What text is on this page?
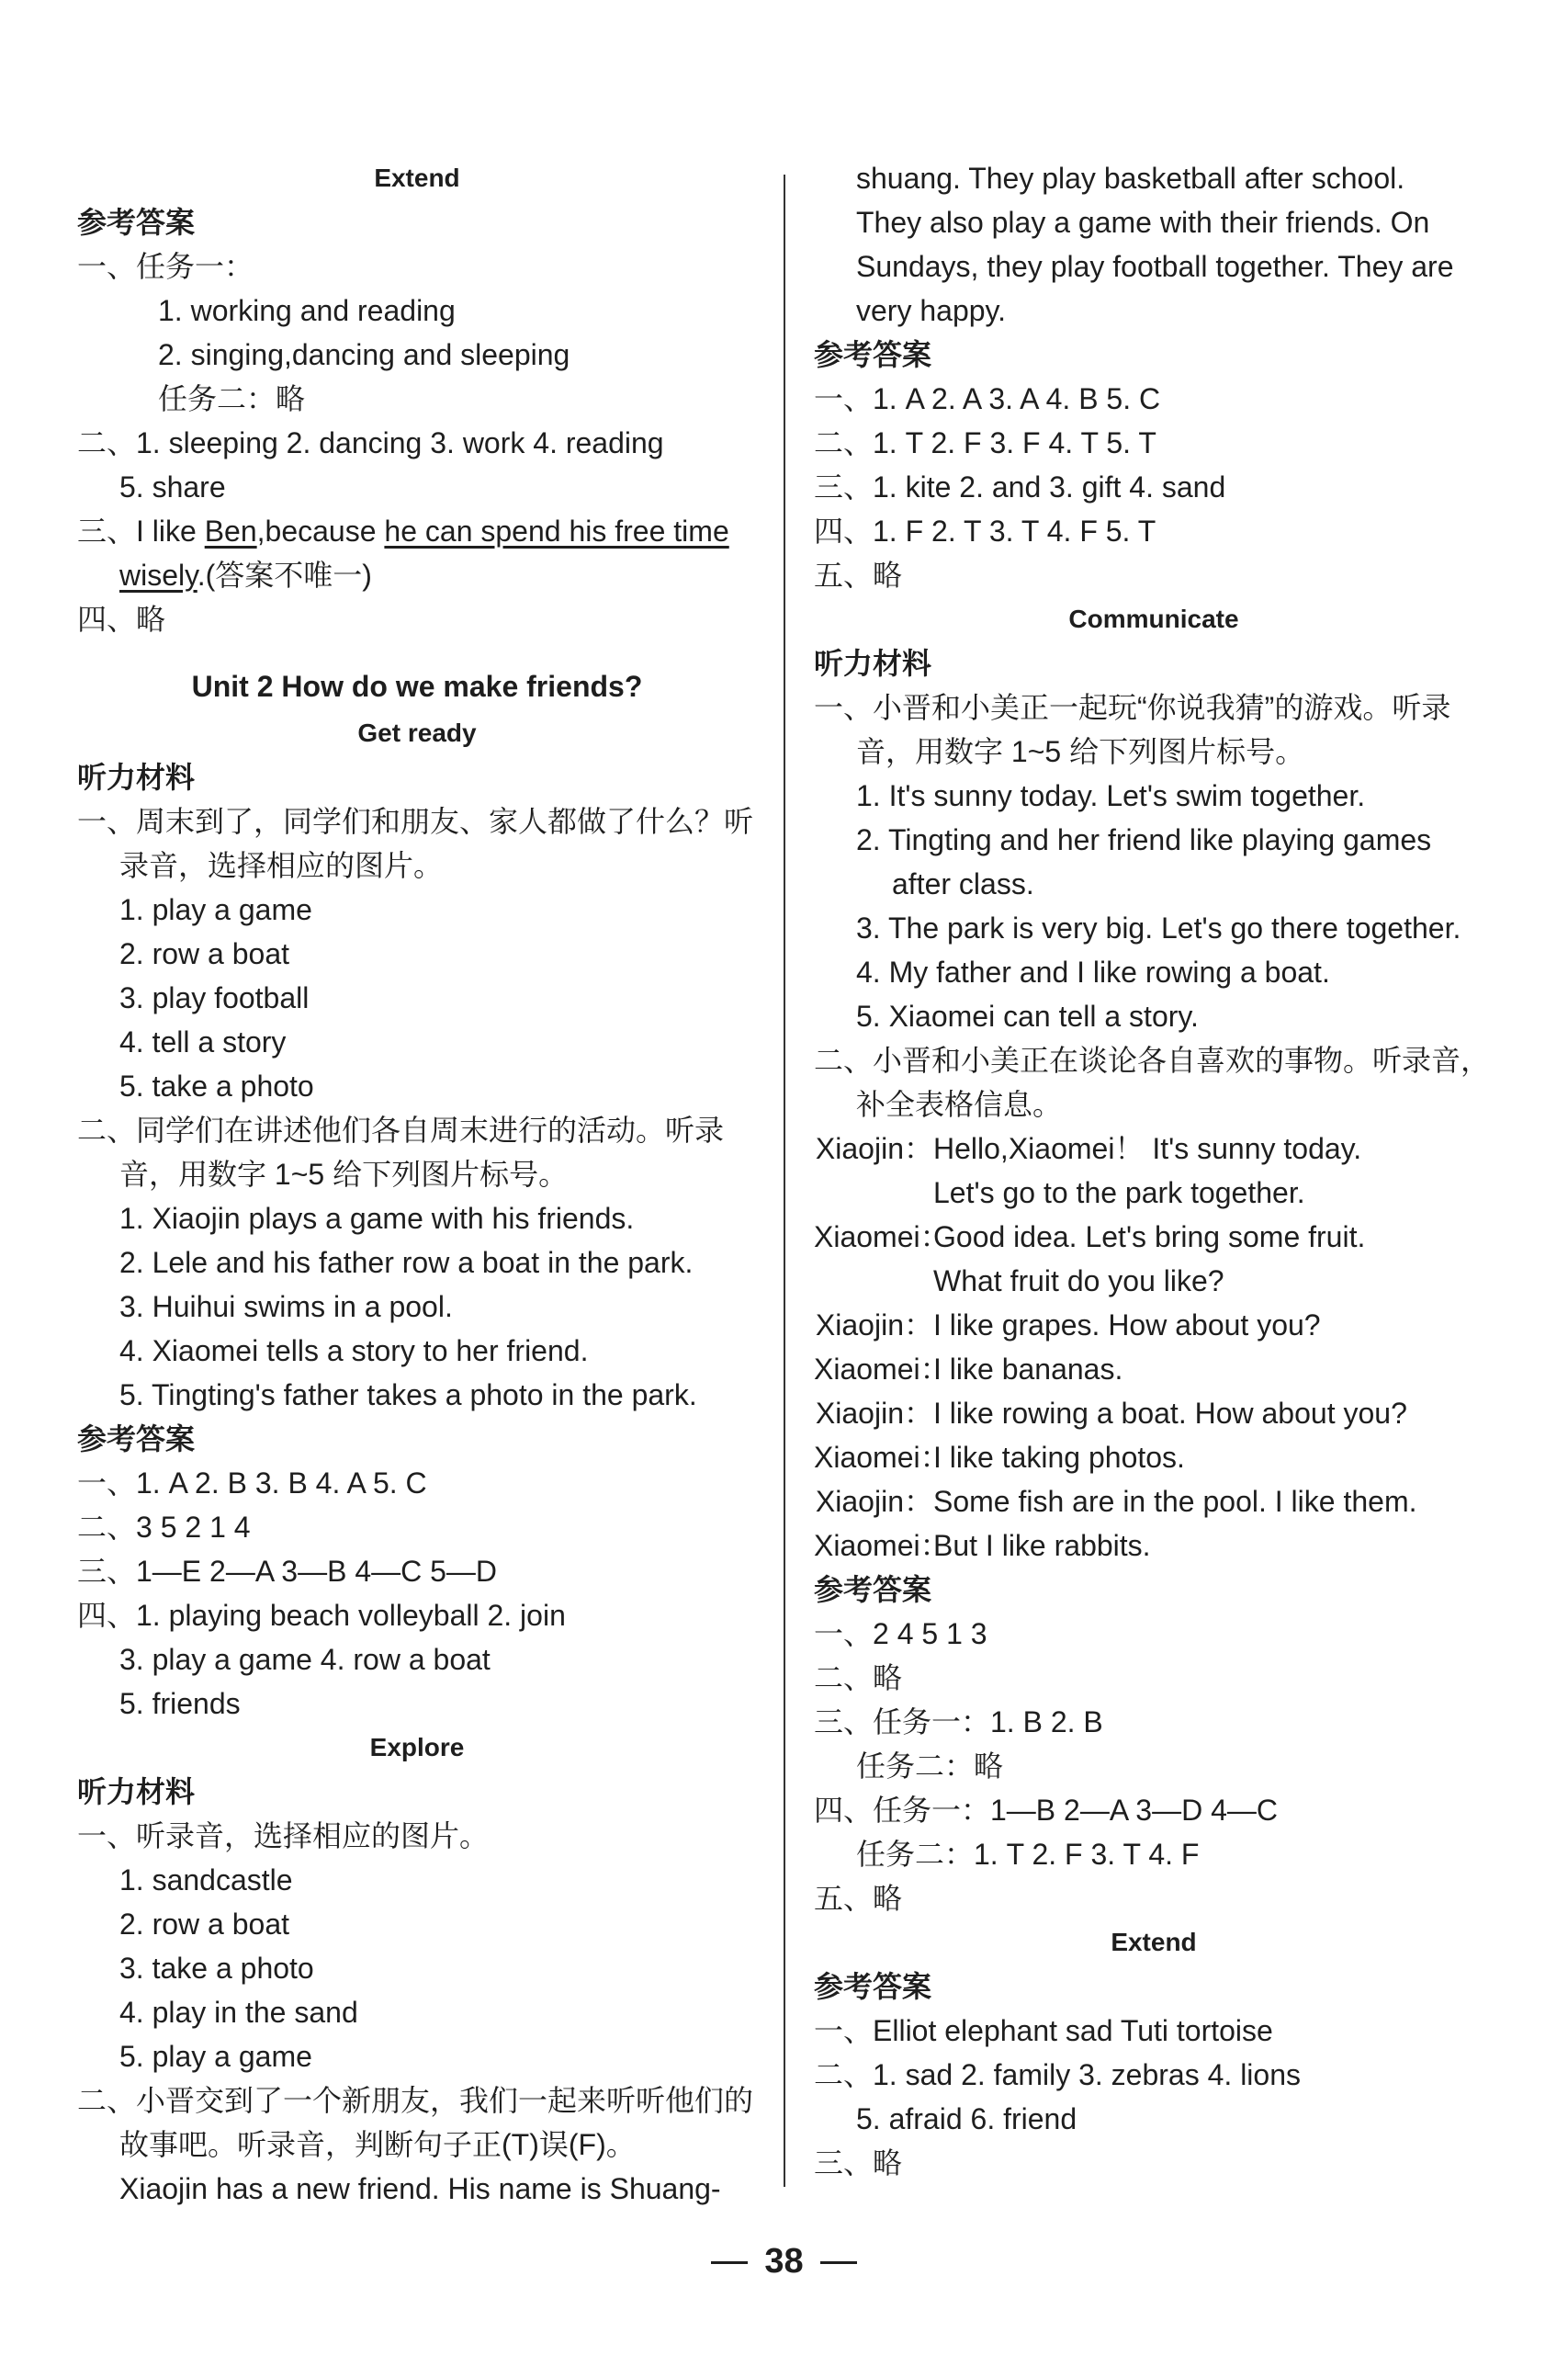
Extend
参考答案
一、任务一：
1. working and reading
2. singing,dancing and sleeping
任务二：略
二、1. sleeping 2. dancing 3. work 4. reading
5. share
三、I like Ben,because he can spend his free time
wisely.(答案不唯一)
四、略
Unit 2 How do we make friends?
Get ready
听力材料
一、周末到了，同学们和朋友、家人都做了什么？听
录音，选择相应的图片。
1. play a game
2. row a boat
3. play football
4. tell a story
5. take a photo
二、同学们在讲述他们各自周末进行的活动。听录
音，用数字 1~5 给下列图片标号。
1. Xiaojin plays a game with his friends.
2. Lele and his father row a boat in the park.
3. Huihui swims in a pool.
4. Xiaomei tells a story to her friend.
5. Tingting's father takes a photo in the park.
参考答案
一、1. A 2. B 3. B 4. A 5. C
二、3 5 2 1 4
三、1—E 2—A 3—B 4—C 5—D
四、1. playing beach volleyball 2. join
3. play a game 4. row a boat
5. friends
Explore
听力材料
一、听录音，选择相应的图片。
1. sandcastle
2. row a boat
3. take a photo
4. play in the sand
5. play a game
二、小晋交到了一个新朋友，我们一起来听听他们的
故事吧。听录音，判断句子正(T)误(F)。
Xiaojin has a new friend. His name is Shuang-
shuang. They play basketball after school.
They also play a game with their friends. On
Sundays, they play football together. They are
very happy.
参考答案
一、1. A 2. A 3. A 4. B 5. C
二、1. T 2. F 3. F 4. T 5. T
三、1. kite 2. and 3. gift 4. sand
四、1. F 2. T 3. T 4. F 5. T
五、略
Communicate
听力材料
一、小晋和小美正一起玩“你说我猜”的游戏。听录
音，用数字 1~5 给下列图片标号。
1. It's sunny today. Let's swim together.
2. Tingting and her friend like playing games
after class.
3. The park is very big. Let's go there together.
4. My father and I like rowing a boat.
5. Xiaomei can tell a story.
二、小晋和小美正在谈论各自喜欢的事物。听录音，
补全表格信息。
Xiaojin： Hello,Xiaomei！ It's sunny today.
Let's go to the park together.
Xiaomei：
Good idea. Let's bring some fruit.
What fruit do you like?
Xiaojin： I like grapes. How about you?
Xiaomei：
I like bananas.
Xiaojin： I like rowing a boat. How about you?
Xiaomei：
I like taking photos.
Xiaojin： Some fish are in the pool. I like them.
Xiaomei：
But I like rabbits.
参考答案
一、2 4 5 1 3
二、略
三、任务一：1. B 2. B
任务二：略
四、任务一：1—B 2—A 3—D 4—C
任务二：1. T 2. F 3. T 4. F
五、略
Extend
参考答案
一、Elliot elephant sad Tuti tortoise
二、1. sad 2. family 3. zebras 4. lions
5. afraid 6. friend
三、略
38
